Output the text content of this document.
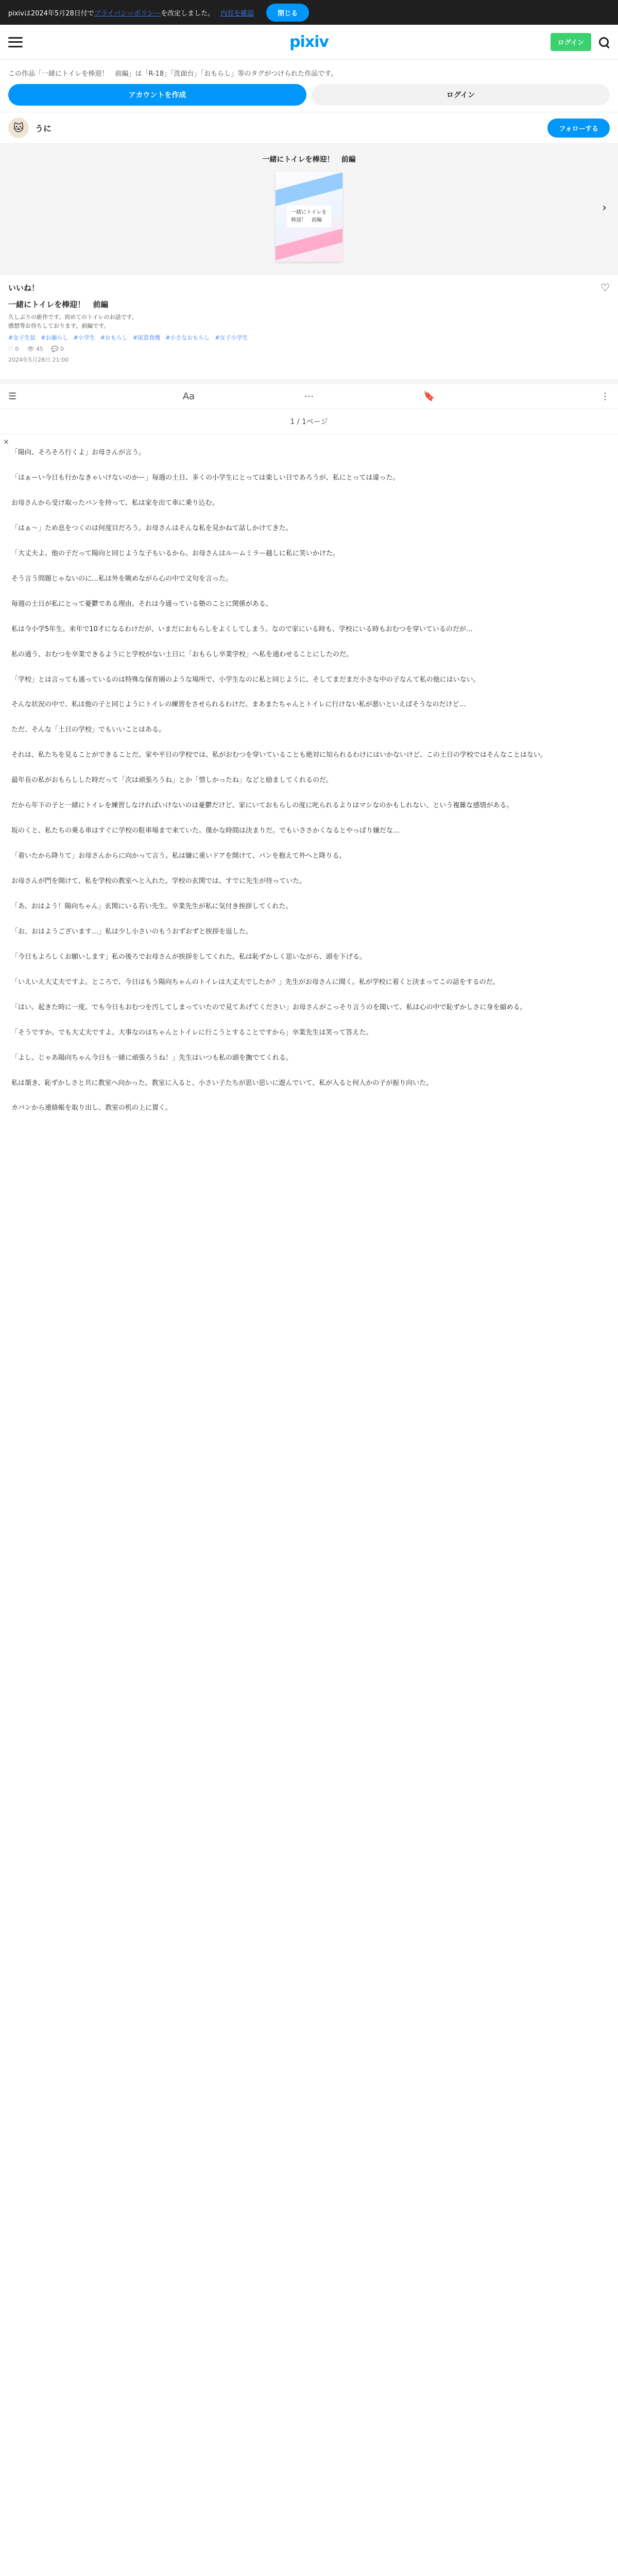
pixivは2024年5月28日付でプライバシーポリシーを改定しました。 内容を確認	閉じる
pixiv	ログイン
この作品「一緒にトイレを棒迎！　前編」は「R-18」「洗面台」「おもらし」等のタグがつけられた作品です。
アカウントを作成	ログイン
🐱	うに	フォローする
一緒にトイレを棒迎！　前編
一緒にトイレを棒迎！　前編
›
いいね！	♡
一緒にトイレを棒迎！　前編
久しぶりの新作です。初めてのトイレのお話です。
感想等お待ちしております。前編です。
#女子生徒 #お漏らし #小学生 #おもらし #尿意我慢 #小さなおもらし #女子小学生
♡ 0 👁 45 💬 0
2024年5月28日 21:00
☰	Aa	⋯	🔖	⋮
1 / 1ページ
×

「陽向、そろそろ行くよ」お母さんが言う。

「はぁーい今日も行かなきゃいけないのかー」毎週の土日、多くの小学生にとっては楽しい日であろうが、私にとっては違った。

お母さんから受け取ったパンを持って、私は家を出て車に乗り込む。

「はぁ～」ため息をつくのは何度目だろう。お母さんはそんな私を見かねて話しかけてきた。

「大丈夫よ。他の子だって陽向と同じような子もいるから。お母さんはルームミラー越しに私に笑いかけた。

そう言う問題じゃないのに…私は外を眺めながら心の中で文句を言った。

毎週の土日が私にとって憂鬱である理由。それは今通っている塾のことに関係がある。

私は今小学5年生。来年で10才になるわけだが、いまだにおもらしをよくしてしまう。なので家にいる時も、学校にいる時もおむつを穿いているのだが…

私の通う、おむつを卒業できるようにと学校がない土日に「おもらし卒業学校」へ私を通わせることにしたのだ。

「学校」とは言っても通っているのは特殊な保育園のような場所で、小学生なのに私と同じように、そしてまだまだ小さな中の子なんて私の他にはいない。

そんな状況の中で、私は他の子と同じようにトイレの練習をさせられるわけだ。まあまたちゃんとトイレに行けない私が悪いといえばそうなのだけど…

ただ、そんな「土日の学校」でもいいことはある。

それは、私たちを見ることができることだ。家や平日の学校では、私がおむつを穿いていることも絶対に知られるわけにはいかないけど、この土日の学校ではそんなことはない。

最年長の私がおもらしした時だって「次は頑張ろうね」とか「惜しかったね」などと励ましてくれるのだ。

だから年下の子と一緒にトイレを練習しなければいけないのは憂鬱だけど、家にいておもらしの度に叱られるよりはマシなのかもしれない、という複雑な感情がある。

坂のくと、私たちの乗る車はすぐに学校の駐車場まで来ていた。僅かな時間は決まりだ。でもいささかくなるとやっぱり嫌だな…

「着いたから降りて」お母さんからに向かって言う。私は嫌に重いドアを開けて、パンを抱えて外へと降りる。

お母さんが門を開けて、私を学校の教室へと入れた。学校の玄関では、すでに先生が待っていた。

「あ、おはよう！陽向ちゃん」玄関にいる若い先生。卒業先生が私に気付き挨拶してくれた。

「お、おはようございます…」私は少し小さいのもうおずおずと挨拶を返した。

「今日もよろしくお願いします」私の後ろでお母さんが挨拶をしてくれた。私は恥ずかしく思いながら、頭を下げる。

「いえいえ大丈夫ですよ。ところで、今日はもう陽向ちゃんのトイレは大丈夫でしたか？」先生がお母さんに聞く。私が学校に着くと決まってこの話をするのだ。

「はい。起きた時に一度。でも今日もおむつを汚してしまっていたので見てあげてください」お母さんがこっそり言うのを聞いて、私は心の中で恥ずかしさに身を縮める。

「そうですか。でも大丈夫ですよ。大事なのはちゃんとトイレに行こうとすることですから」卒業先生は笑って答えた。

「よし、じゃあ陽向ちゃん今日も一緒に頑張ろうね！」先生はいつも私の頭を撫でてくれる。

私は頷き、恥ずかしさと共に教室へ向かった。教室に入ると、小さい子たちが思い思いに遊んでいて、私が入ると何人かの子が振り向いた。

カバンから連絡帳を取り出し、教室の机の上に置く。
